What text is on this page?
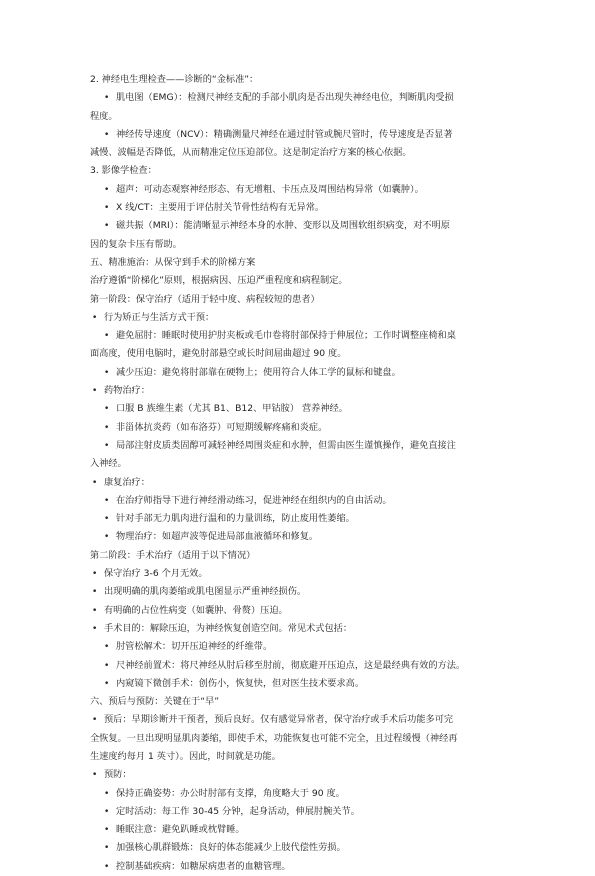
2. 神经电生理检查——诊断的“金标准”：
• 肌电图（EMG）：检测尺神经支配的手部小肌肉是否出现失神经电位，判断肌肉受损
程度。
• 神经传导速度（NCV）：精确测量尺神经在通过肘管或腕尺管时，传导速度是否显著
减慢、波幅是否降低，从而精准定位压迫部位。这是制定治疗方案的核心依据。
3. 影像学检查：
• 超声：可动态观察神经形态、有无增粗、卡压点及周围结构异常（如囊肿）。
• X 线/CT：主要用于评估肘关节骨性结构有无异常。
• 磁共振（MRI）：能清晰显示神经本身的水肿、变形以及周围软组织病变，对不明原
因的复杂卡压有帮助。
五、精准施治：从保守到手术的阶梯方案
治疗遵循“阶梯化”原则，根据病因、压迫严重程度和病程制定。
第一阶段：保守治疗（适用于轻中度、病程较短的患者）
• 行为矫正与生活方式干预：
• 避免屈肘：睡眠时使用护肘夹板或毛巾卷将肘部保持于伸展位；工作时调整座椅和桌
面高度，使用电脑时，避免肘部悬空或长时间屈曲超过 90 度。
• 减少压迫：避免将肘部靠在硬物上；使用符合人体工学的鼠标和键盘。
• 药物治疗：
• 口服 B 族维生素（尤其 B1、B12、甲钴胺） 营养神经。
• 非甾体抗炎药（如布洛芬）可短期缓解疼痛和炎症。
• 局部注射皮质类固醇可减轻神经周围炎症和水肿，但需由医生谨慎操作，避免直接注
入神经。
• 康复治疗：
• 在治疗师指导下进行神经滑动练习，促进神经在组织内的自由活动。
• 针对手部无力肌肉进行温和的力量训练，防止废用性萎缩。
• 物理治疗：如超声波等促进局部血液循环和修复。
第二阶段：手术治疗（适用于以下情况）
• 保守治疗 3-6 个月无效。
• 出现明确的肌肉萎缩或肌电图显示严重神经损伤。
• 有明确的占位性病变（如囊肿、骨赘）压迫。
• 手术目的：解除压迫，为神经恢复创造空间。常见术式包括：
• 肘管松解术：切开压迫神经的纤维带。
• 尺神经前置术：将尺神经从肘后移至肘前，彻底避开压迫点，这是最经典有效的方法。
• 内窥镜下微创手术：创伤小，恢复快，但对医生技术要求高。
六、预后与预防：关键在于“早”
• 预后：早期诊断并干预者，预后良好。仅有感觉异常者，保守治疗或手术后功能多可完
全恢复。一旦出现明显肌肉萎缩，即使手术，功能恢复也可能不完全，且过程缓慢（神经再
生速度约每月 1 英寸）。因此，时间就是功能。
• 预防：
• 保持正确姿势：办公时肘部有支撑，角度略大于 90 度。
• 定时活动：每工作 30-45 分钟，起身活动，伸展肘腕关节。
• 睡眠注意：避免趴睡或枕臂睡。
• 加强核心肌群锻炼：良好的体态能减少上肢代偿性劳损。
• 控制基础疾病：如糖尿病患者的血糖管理。
